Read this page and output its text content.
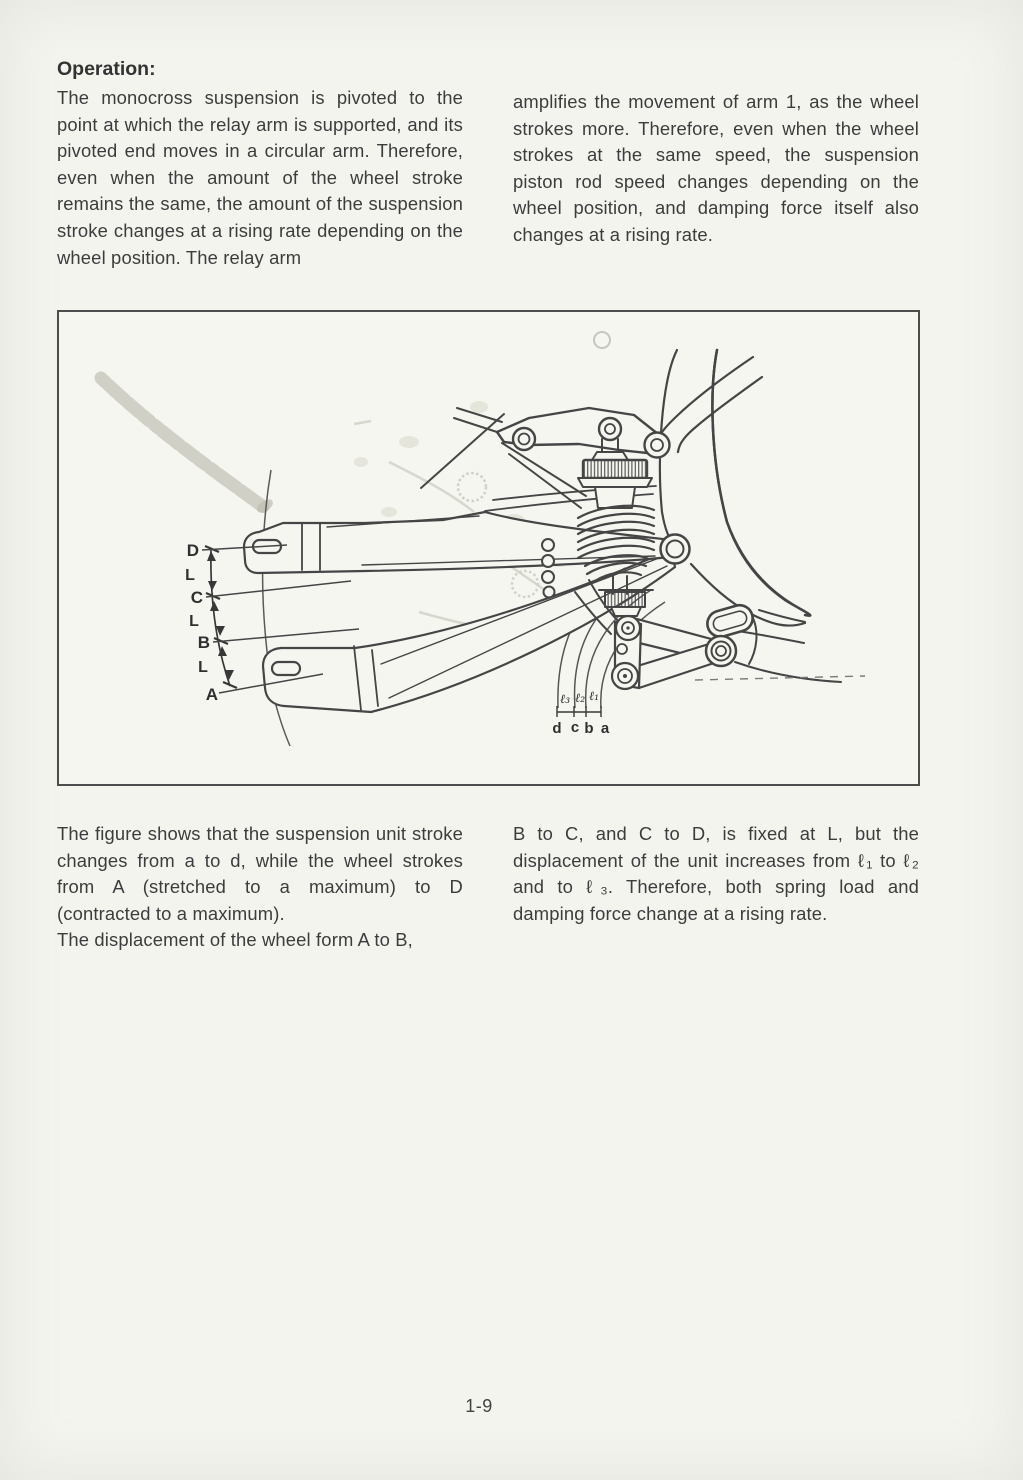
Operation:

The monocross suspension is pivoted to the point at which the relay arm is supported, and its pivoted end moves in a circular arm. Therefore, even when the amount of the wheel stroke remains the same, the amount of the suspension stroke changes at a rising rate depending on the wheel position. The relay arm

amplifies the movement of arm 1, as the wheel strokes more. Therefore, even when the wheel strokes at the same speed, the suspension piston rod speed changes depending on the wheel position, and damping force itself also changes at a rising rate.

D
C
B
A
L
L
L
ℓ₃ ℓ₂ ℓ₁
d c b a

The figure shows that the suspension unit stroke changes from a to d, while the wheel strokes from A (stretched to a maximum) to D (contracted to a maximum).

The displacement of the wheel form A to B,

B to C, and C to D, is fixed at L, but the displacement of the unit increases from ℓ₁ to ℓ₂ and to ℓ₃. Therefore, both spring load and damping force change at a rising rate.

1-9
